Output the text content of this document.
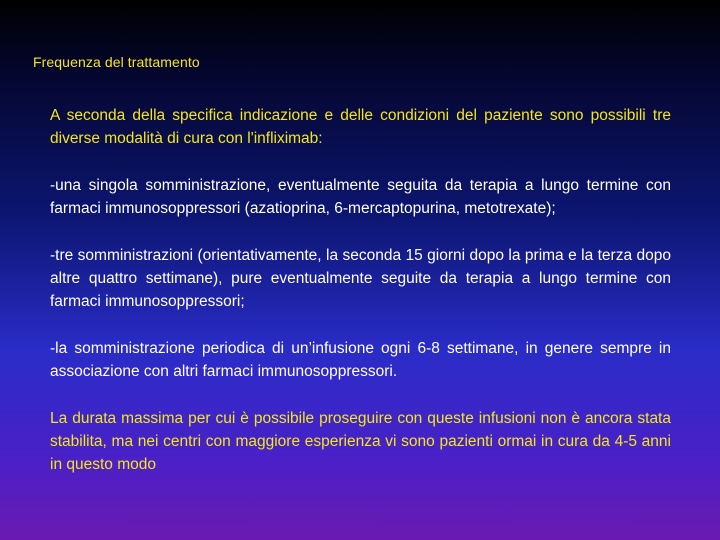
Frequenza del trattamento

A seconda della specifica indicazione e delle condizioni del paziente sono possibili tre diverse modalità di cura con l'infliximab:

-una singola somministrazione, eventualmente seguita da terapia a lungo termine con farmaci immunosoppressori (azatioprina, 6-mercaptopurina, metotrexate);

-tre somministrazioni (orientativamente, la seconda 15 giorni dopo la prima e la terza dopo altre quattro settimane), pure eventualmente seguite da terapia a lungo termine con farmaci immunosoppressori;

-la somministrazione periodica di un’infusione ogni 6-8 settimane, in genere sempre in associazione con altri farmaci immunosoppressori.

La durata massima per cui è possibile proseguire con queste infusioni non è ancora stata stabilita, ma nei centri con maggiore esperienza vi sono pazienti ormai in cura da 4-5 anni in questo modo
